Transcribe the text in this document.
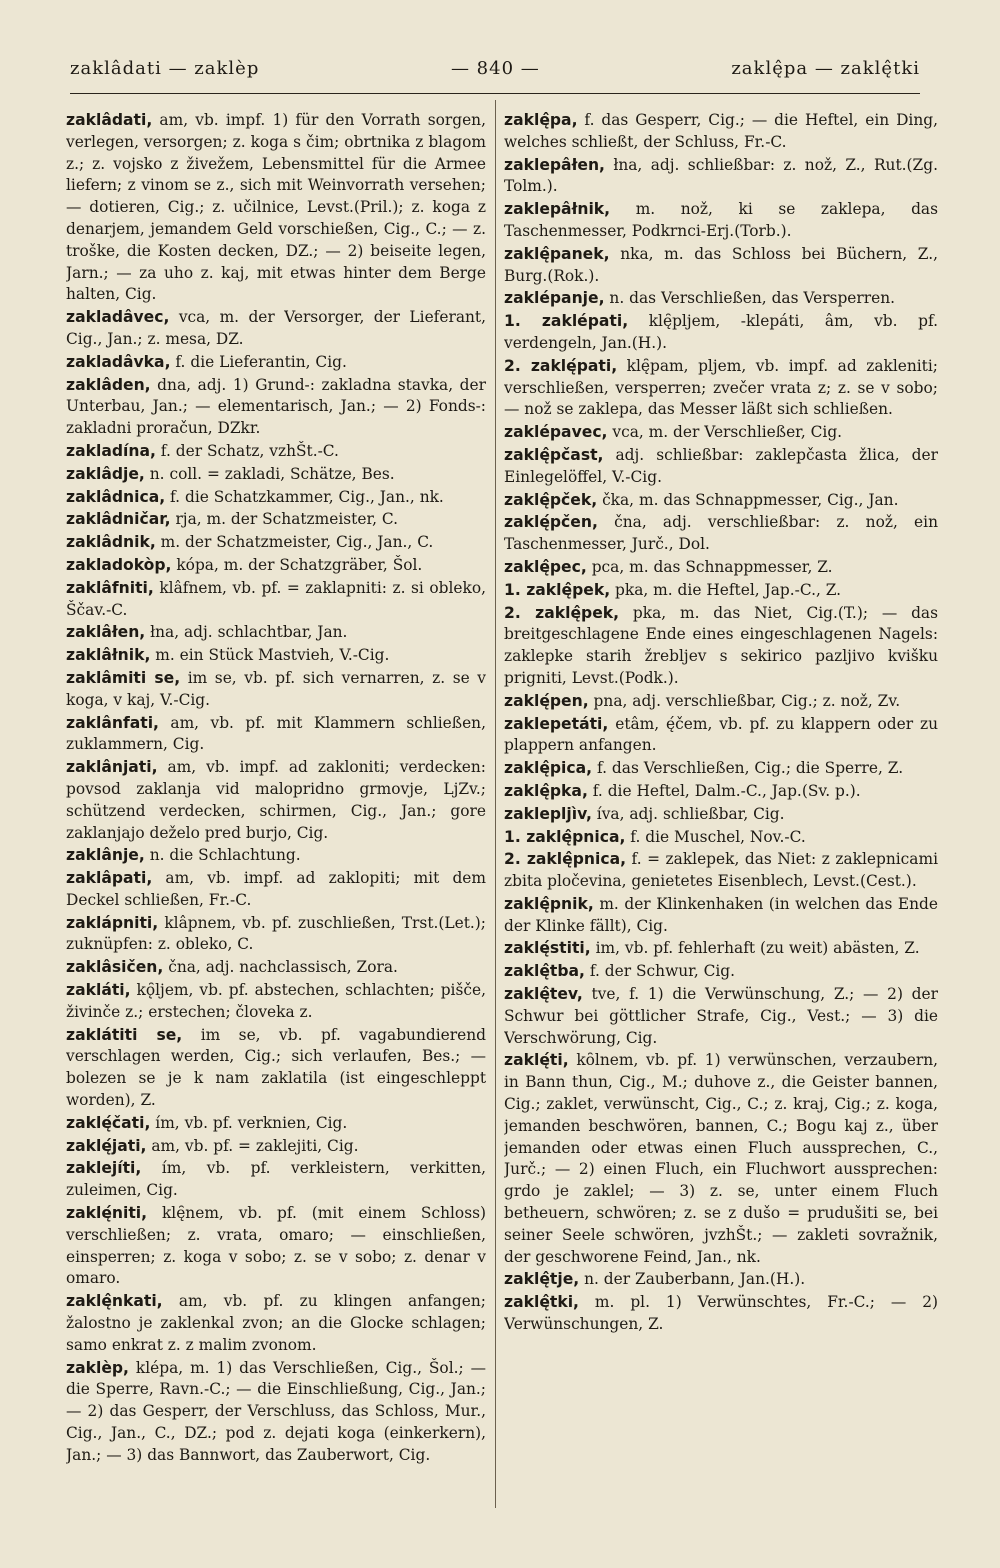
zaklâdati — zaklèp	— 840 —	zaklę̂pa — zaklę̂tki

zaklâdati, am, vb. impf. 1) für den Vorrath sorgen, verlegen, versorgen; z. koga s čim; obrtnika z blagom z.; z. vojsko z živežem, Lebensmittel für die Armee liefern; z vinom se z., sich mit Weinvorrath versehen; — dotieren, Cig.; z. učilnice, Levst.(Pril.); z. koga z denarjem, jemandem Geld vorschießen, Cig., C.; — z. troške, die Kosten decken, DZ.; — 2) beiseite legen, Jarn.; — za uho z. kaj, mit etwas hinter dem Berge halten, Cig.

zakladâvec, vca, m. der Versorger, der Lieferant, Cig., Jan.; z. mesa, DZ.

zakladâvka, f. die Lieferantin, Cig.

zaklâden, dna, adj. 1) Grund-: zakladna stavka, der Unterbau, Jan.; — elementarisch, Jan.; — 2) Fonds-: zakladni proračun, DZkr.

zakladína, f. der Schatz, vzhŠt.-C.

zaklâdje, n. coll. = zakladi, Schätze, Bes.

zaklâdnica, f. die Schatzkammer, Cig., Jan., nk.

zaklâdničar, rja, m. der Schatzmeister, C.

zaklâdnik, m. der Schatzmeister, Cig., Jan., C.

zakladokòp, kópa, m. der Schatzgräber, Šol.

zaklâfniti, klâfnem, vb. pf. = zaklapniti: z. si obleko, Ščav.-C.

zaklâłen, łna, adj. schlachtbar, Jan.

zaklâłnik, m. ein Stück Mastvieh, V.-Cig.

zaklâmiti se, im se, vb. pf. sich vernarren, z. se v koga, v kaj, V.-Cig.

zaklânfati, am, vb. pf. mit Klammern schließen, zuklammern, Cig.

zaklânjati, am, vb. impf. ad zakloniti; verdecken: povsod zaklanja vid malopridno grmovje, LjZv.; schützend verdecken, schirmen, Cig., Jan.; gore zaklanjajo deželo pred burjo, Cig.

zaklânje, n. die Schlachtung.

zaklâpati, am, vb. impf. ad zaklopiti; mit dem Deckel schließen, Fr.-C.

zaklápniti, klâpnem, vb. pf. zuschließen, Trst.(Let.); zuknüpfen: z. obleko, C.

zaklâsičen, čna, adj. nachclassisch, Zora.

zakláti, kǫ̑ljem, vb. pf. abstechen, schlachten; pišče, živinče z.; erstechen; človeka z.

zaklátiti se, im se, vb. pf. vagabundierend verschlagen werden, Cig.; sich verlaufen, Bes.; — bolezen se je k nam zaklatila (ist eingeschleppt worden), Z.

zaklę́čati, ím, vb. pf. verknien, Cig.

zaklę́jati, am, vb. pf. = zaklejiti, Cig.

zaklejíti, ím, vb. pf. verkleistern, verkitten, zuleimen, Cig.

zaklę́niti, klę̑nem, vb. pf. (mit einem Schloss) verschließen; z. vrata, omaro; — einschließen, einsperren; z. koga v sobo; z. se v sobo; z. denar v omaro.

zaklę̂nkati, am, vb. pf. zu klingen anfangen; žalostno je zaklenkal zvon; an die Glocke schlagen; samo enkrat z. z malim zvonom.

zaklèp, klépa, m. 1) das Verschließen, Cig., Šol.; — die Sperre, Ravn.-C.; — die Einschließung, Cig., Jan.; — 2) das Gesperr, der Verschluss, das Schloss, Mur., Cig., Jan., C., DZ.; pod z. dejati koga (einkerkern), Jan.; — 3) das Bannwort, das Zauberwort, Cig.

zaklę̂pa, f. das Gesperr, Cig.; — die Heftel, ein Ding, welches schließt, der Schluss, Fr.-C.

zaklepâłen, łna, adj. schließbar: z. nož, Z., Rut.(Zg. Tolm.).

zaklepâłnik, m. nož, ki se zaklepa, das Taschenmesser, Podkrnci-Erj.(Torb.).

zaklę̂panek, nka, m. das Schloss bei Büchern, Z., Burg.(Rok.).

zaklépanje, n. das Verschließen, das Versperren.

1. zaklépati, klę̑pljem, -klepáti, âm, vb. pf. verdengeln, Jan.(H.).

2. zaklę́pati, klę̑pam, pljem, vb. impf. ad zakleniti; verschließen, versperren; zvečer vrata z; z. se v sobo; — nož se zaklepa, das Messer läßt sich schließen.

zaklépavec, vca, m. der Verschließer, Cig.

zaklę̂pčast, adj. schließbar: zaklepčasta žlica, der Einlegelöffel, V.-Cig.

zaklę̂pček, čka, m. das Schnappmesser, Cig., Jan.

zaklę́pčen, čna, adj. verschließbar: z. nož, ein Taschenmesser, Jurč., Dol.

zaklę̂pec, pca, m. das Schnappmesser, Z.

1. zaklę̂pek, pka, m. die Heftel, Jap.-C., Z.

2. zaklę̂pek, pka, m. das Niet, Cig.(T.); — das breitgeschlagene Ende eines eingeschlagenen Nagels: zaklepke starih žrebljev s sekirico pazljivo kvišku prigniti, Levst.(Podk.).

zaklę́pen, pna, adj. verschließbar, Cig.; z. nož, Zv.

zaklepetáti, etâm, ę́čem, vb. pf. zu klappern oder zu plappern anfangen.

zaklę̂pica, f. das Verschließen, Cig.; die Sperre, Z.

zaklę̂pka, f. die Heftel, Dalm.-C., Jap.(Sv. p.).

zaklepljìv, íva, adj. schließbar, Cig.

1. zaklę̂pnica, f. die Muschel, Nov.-C.

2. zaklę̂pnica, f. = zaklepek, das Niet: z zaklepnicami zbita pločevina, genietetes Eisenblech, Levst.(Cest.).

zaklę̂pnik, m. der Klinkenhaken (in welchen das Ende der Klinke fällt), Cig.

zaklę́stiti, im, vb. pf. fehlerhaft (zu weit) abästen, Z.

zaklę̂tba, f. der Schwur, Cig.

zaklę̂tev, tve, f. 1) die Verwünschung, Z.; — 2) der Schwur bei göttlicher Strafe, Cig., Vest.; — 3) die Verschwörung, Cig.

zaklę́ti, kȏlnem, vb. pf. 1) verwünschen, verzaubern, in Bann thun, Cig., M.; duhove z., die Geister bannen, Cig.; zaklet, verwünscht, Cig., C.; z. kraj, Cig.; z. koga, jemanden beschwören, bannen, C.; Bogu kaj z., über jemanden oder etwas einen Fluch aussprechen, C., Jurč.; — 2) einen Fluch, ein Fluchwort aussprechen: grdo je zaklel; — 3) z. se, unter einem Fluch betheuern, schwören; z. se z dušo = prudušiti se, bei seiner Seele schwören, jvzhŠt.; — zakleti sovražnik, der geschworene Feind, Jan., nk.

zaklę̂tje, n. der Zauberbann, Jan.(H.).

zaklę̂tki, m. pl. 1) Verwünschtes, Fr.-C.; — 2) Verwünschungen, Z.
